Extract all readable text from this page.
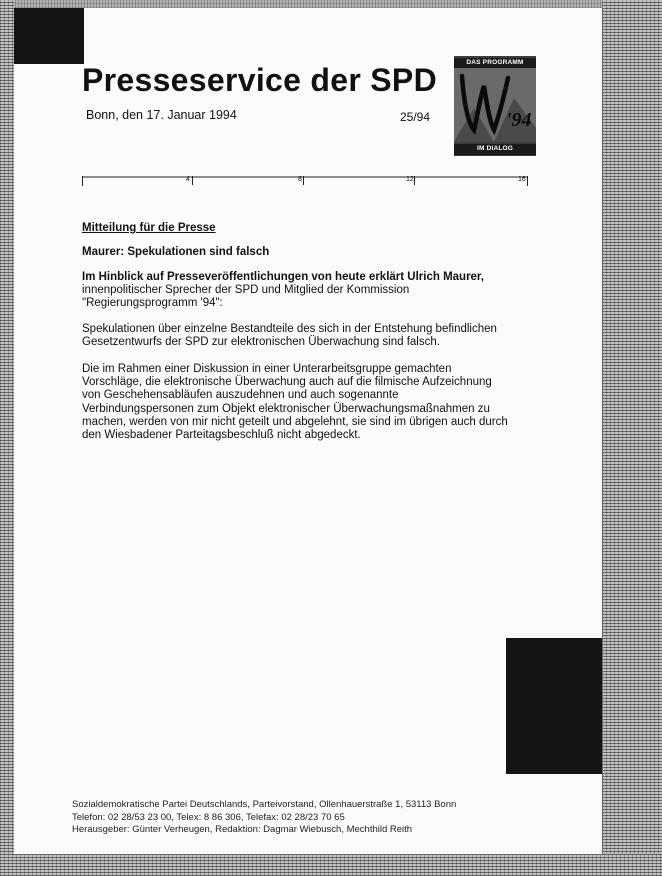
Presseservice der SPD
Bonn, den 17. Januar 1994	25/94
DAS PROGRAMM
'94
IM DIALOG
4	8	12	16
Mitteilung für die Presse
Maurer: Spekulationen sind falsch
Im Hinblick auf Presseveröffentlichungen von heute erklärt Ulrich Maurer,
innenpolitischer Sprecher der SPD und Mitglied der Kommission
"Regierungsprogramm '94":
Spekulationen über einzelne Bestandteile des sich in der Entstehung befindlichen
Gesetzentwurfs der SPD zur elektronischen Überwachung sind falsch.
Die im Rahmen einer Diskussion in einer Unterarbeitsgruppe gemachten
Vorschläge, die elektronische Überwachung auch auf die filmische Aufzeichnung
von Geschehensabläufen auszudehnen und auch sogenannte
Verbindungspersonen zum Objekt elektronischer Überwachungsmaßnahmen zu
machen, werden von mir nicht geteilt und abgelehnt, sie sind im übrigen auch durch
den Wiesbadener Parteitagsbeschluß nicht abgedeckt.
Sozialdemokratische Partei Deutschlands, Parteivorstand, Ollenhauerstraße 1, 53113 Bonn
Telefon: 02 28/53 23 00, Telex: 8 86 306, Telefax: 02 28/23 70 65
Herausgeber: Günter Verheugen, Redaktion: Dagmar Wiebusch, Mechthild Reith
